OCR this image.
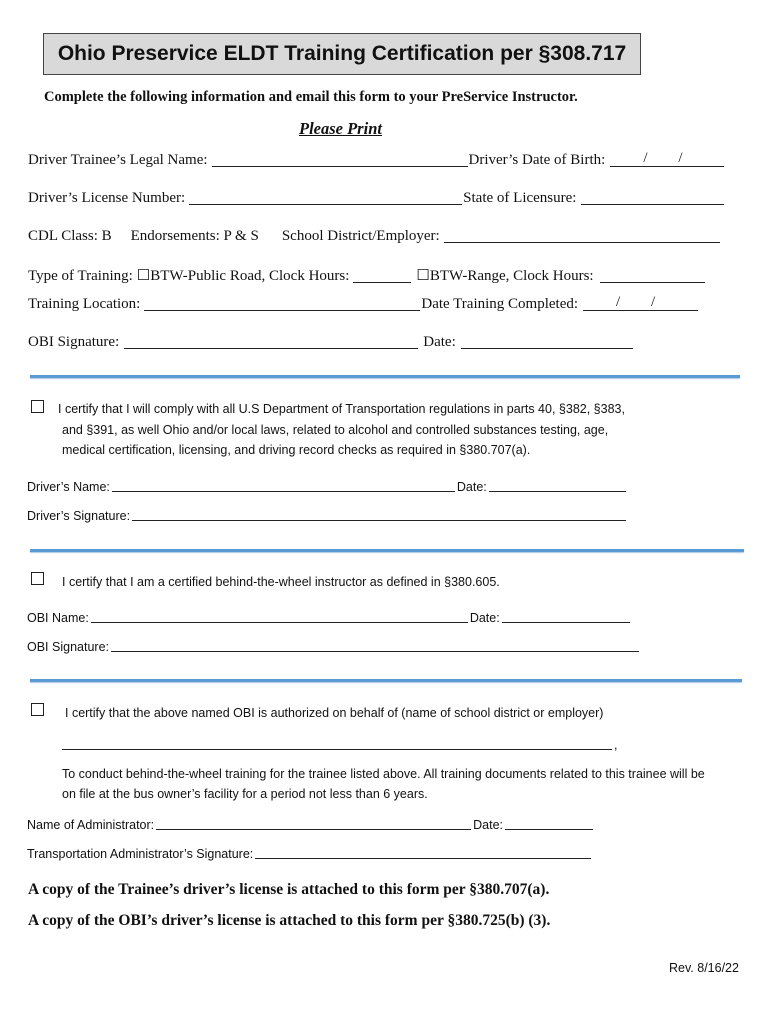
Ohio Preservice ELDT Training Certification per §308.717
Complete the following information and email this form to your PreService Instructor.
Please Print
Driver Trainee’s Legal Name:	Driver’s Date of Birth:	/ /
Driver’s License Number:	State of Licensure:
CDL Class: B Endorsements: P & S School District/Employer:
Type of Training: ☐BTW-Public Road, Clock Hours:	☐BTW-Range, Clock Hours:
Training Location:	Date Training Completed:	/ /
OBI Signature:	Date:
I certify that I will comply with all U.S Department of Transportation regulations in parts 40, §382, §383,
and §391, as well Ohio and/or local laws, related to alcohol and controlled substances testing, age,
medical certification, licensing, and driving record checks as required in §380.707(a).
Driver’s Name:	Date:
Driver’s Signature:
I certify that I am a certified behind-the-wheel instructor as defined in §380.605.
OBI Name:	Date:
OBI Signature:
I certify that the above named OBI is authorized on behalf of (name of school district or employer)
,
To conduct behind-the-wheel training for the trainee listed above. All training documents related to this trainee will be
on file at the bus owner’s facility for a period not less than 6 years.
Name of Administrator:	Date:
Transportation Administrator’s Signature:
A copy of the Trainee’s driver’s license is attached to this form per §380.707(a).
A copy of the OBI’s driver’s license is attached to this form per §380.725(b) (3).
Rev. 8/16/22
